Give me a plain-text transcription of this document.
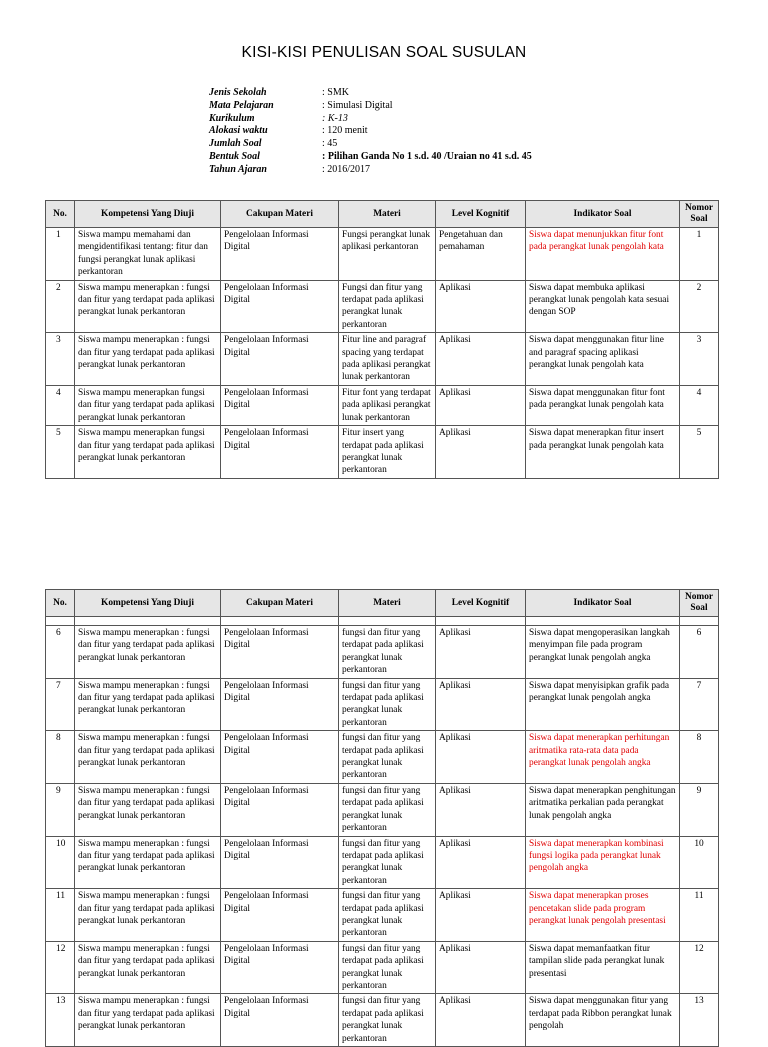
KISI-KISI PENULISAN SOAL SUSULAN
Jenis Sekolah	: SMK
Mata Pelajaran	: Simulasi Digital
Kurikulum	: K-13
Alokasi waktu	: 120 menit
Jumlah Soal	: 45
Bentuk Soal	: Pilihan Ganda No 1 s.d. 40 /Uraian no 41 s.d. 45
Tahun Ajaran	: 2016/2017
No.	Kompetensi Yang Diuji	Cakupan Materi	Materi	Level Kognitif	Indikator Soal	Nomor Soal
1	Siswa mampu memahami dan mengidentifikasi tentang: fitur dan fungsi perangkat lunak aplikasi perkantoran	Pengelolaan Informasi Digital	Fungsi perangkat lunak aplikasi perkantoran	Pengetahuan dan pemahaman	Siswa dapat menunjukkan fitur font pada perangkat lunak pengolah kata	1
2	Siswa mampu menerapkan : fungsi dan fitur yang terdapat pada aplikasi perangkat lunak perkantoran	Pengelolaan Informasi Digital	Fungsi dan fitur yang terdapat pada aplikasi perangkat lunak perkantoran	Aplikasi	Siswa dapat membuka aplikasi perangkat lunak pengolah kata sesuai dengan SOP	2
3	Siswa mampu menerapkan : fungsi dan fitur yang terdapat pada aplikasi perangkat lunak perkantoran	Pengelolaan Informasi Digital	Fitur line and paragraf spacing yang terdapat pada aplikasi perangkat lunak perkantoran	Aplikasi	Siswa dapat menggunakan fitur line and paragraf spacing aplikasi perangkat lunak pengolah kata	3
4	Siswa mampu menerapkan fungsi dan fitur yang terdapat pada aplikasi perangkat lunak perkantoran	Pengelolaan Informasi Digital	Fitur font yang terdapat pada aplikasi perangkat lunak perkantoran	Aplikasi	Siswa dapat menggunakan fitur font pada perangkat lunak pengolah kata	4
5	Siswa mampu menerapkan fungsi dan fitur yang terdapat pada aplikasi perangkat lunak perkantoran	Pengelolaan Informasi Digital	Fitur insert yang terdapat pada aplikasi perangkat lunak perkantoran	Aplikasi	Siswa dapat menerapkan fitur insert pada perangkat lunak pengolah kata	5
No.	Kompetensi Yang Diuji	Cakupan Materi	Materi	Level Kognitif	Indikator Soal	Nomor Soal

6	Siswa mampu menerapkan : fungsi dan fitur yang terdapat pada aplikasi perangkat lunak perkantoran	Pengelolaan Informasi Digital	fungsi dan fitur yang terdapat pada aplikasi perangkat lunak perkantoran	Aplikasi	Siswa dapat mengoperasikan langkah menyimpan file pada program perangkat lunak pengolah angka	6
7	Siswa mampu menerapkan : fungsi dan fitur yang terdapat pada aplikasi perangkat lunak perkantoran	Pengelolaan Informasi Digital	fungsi dan fitur yang terdapat pada aplikasi perangkat lunak perkantoran	Aplikasi	Siswa dapat menyisipkan grafik pada perangkat lunak pengolah angka	7
8	Siswa mampu menerapkan : fungsi dan fitur yang terdapat pada aplikasi perangkat lunak perkantoran	Pengelolaan Informasi Digital	fungsi dan fitur yang terdapat pada aplikasi perangkat lunak perkantoran	Aplikasi	Siswa dapat menerapkan perhitungan aritmatika rata-rata data pada perangkat lunak pengolah angka	8
9	Siswa mampu menerapkan : fungsi dan fitur yang terdapat pada aplikasi perangkat lunak perkantoran	Pengelolaan Informasi Digital	fungsi dan fitur yang terdapat pada aplikasi perangkat lunak perkantoran	Aplikasi	Siswa dapat menerapkan penghitungan aritmatika perkalian pada perangkat lunak pengolah angka	9
10	Siswa mampu menerapkan : fungsi dan fitur yang terdapat pada aplikasi perangkat lunak perkantoran	Pengelolaan Informasi Digital	fungsi dan fitur yang terdapat pada aplikasi perangkat lunak perkantoran	Aplikasi	Siswa dapat menerapkan kombinasi fungsi logika pada perangkat lunak pengolah angka	10
11	Siswa mampu menerapkan : fungsi dan fitur yang terdapat pada aplikasi perangkat lunak perkantoran	Pengelolaan Informasi Digital	fungsi dan fitur yang terdapat pada aplikasi perangkat lunak perkantoran	Aplikasi	Siswa dapat menerapkan proses pencetakan slide pada program perangkat lunak pengolah presentasi	11
12	Siswa mampu menerapkan : fungsi dan fitur yang terdapat pada aplikasi perangkat lunak perkantoran	Pengelolaan Informasi Digital	fungsi dan fitur yang terdapat pada aplikasi perangkat lunak perkantoran	Aplikasi	Siswa dapat memanfaatkan fitur tampilan slide pada perangkat lunak presentasi	12
13	Siswa mampu menerapkan : fungsi dan fitur yang terdapat pada aplikasi perangkat lunak perkantoran	Pengelolaan Informasi Digital	fungsi dan fitur yang terdapat pada aplikasi perangkat lunak perkantoran	Aplikasi	Siswa dapat menggunakan fitur yang terdapat pada Ribbon perangkat lunak pengolah	13
